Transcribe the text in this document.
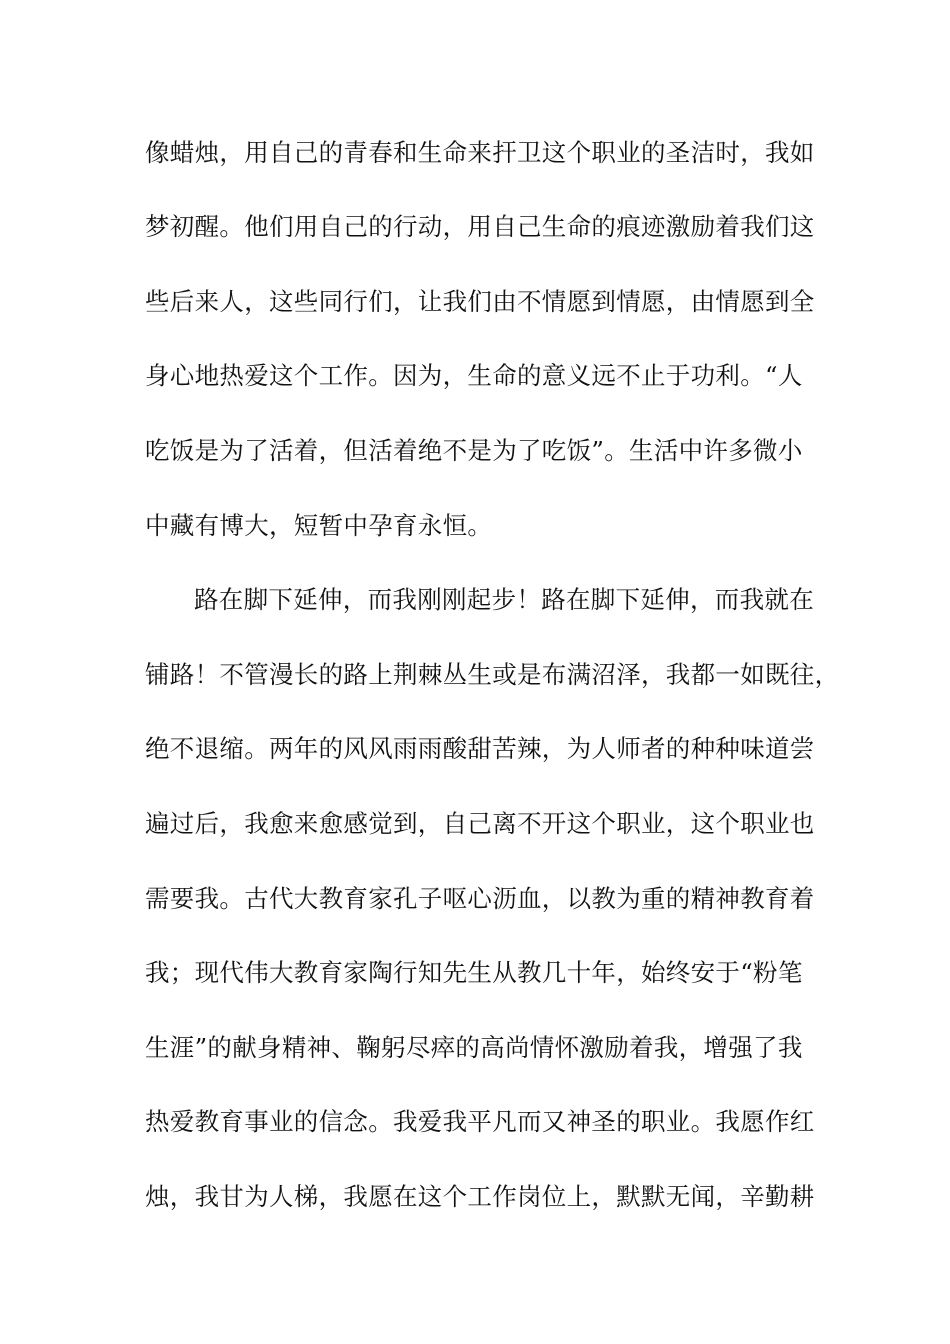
像蜡烛，用自己的青春和生命来扞卫这个职业的圣洁时，我如
梦初醒。他们用自己的行动，用自己生命的痕迹激励着我们这
些后来人，这些同行们，让我们由不情愿到情愿，由情愿到全
身心地热爱这个工作。因为，生命的意义远不止于功利。“人
吃饭是为了活着，但活着绝不是为了吃饭”。生活中许多微小
中藏有博大，短暂中孕育永恒。
路在脚下延伸，而我刚刚起步！路在脚下延伸，而我就在
铺路！不管漫长的路上荆棘丛生或是布满沼泽，我都一如既往，
绝不退缩。两年的风风雨雨酸甜苦辣，为人师者的种种味道尝
遍过后，我愈来愈感觉到，自己离不开这个职业，这个职业也
需要我。古代大教育家孔子呕心沥血，以教为重的精神教育着
我；现代伟大教育家陶行知先生从教几十年，始终安于“粉笔
生涯”的献身精神、鞠躬尽瘁的高尚情怀激励着我，增强了我
热爱教育事业的信念。我爱我平凡而又神圣的职业。我愿作红
烛，我甘为人梯，我愿在这个工作岗位上，默默无闻，辛勤耕
